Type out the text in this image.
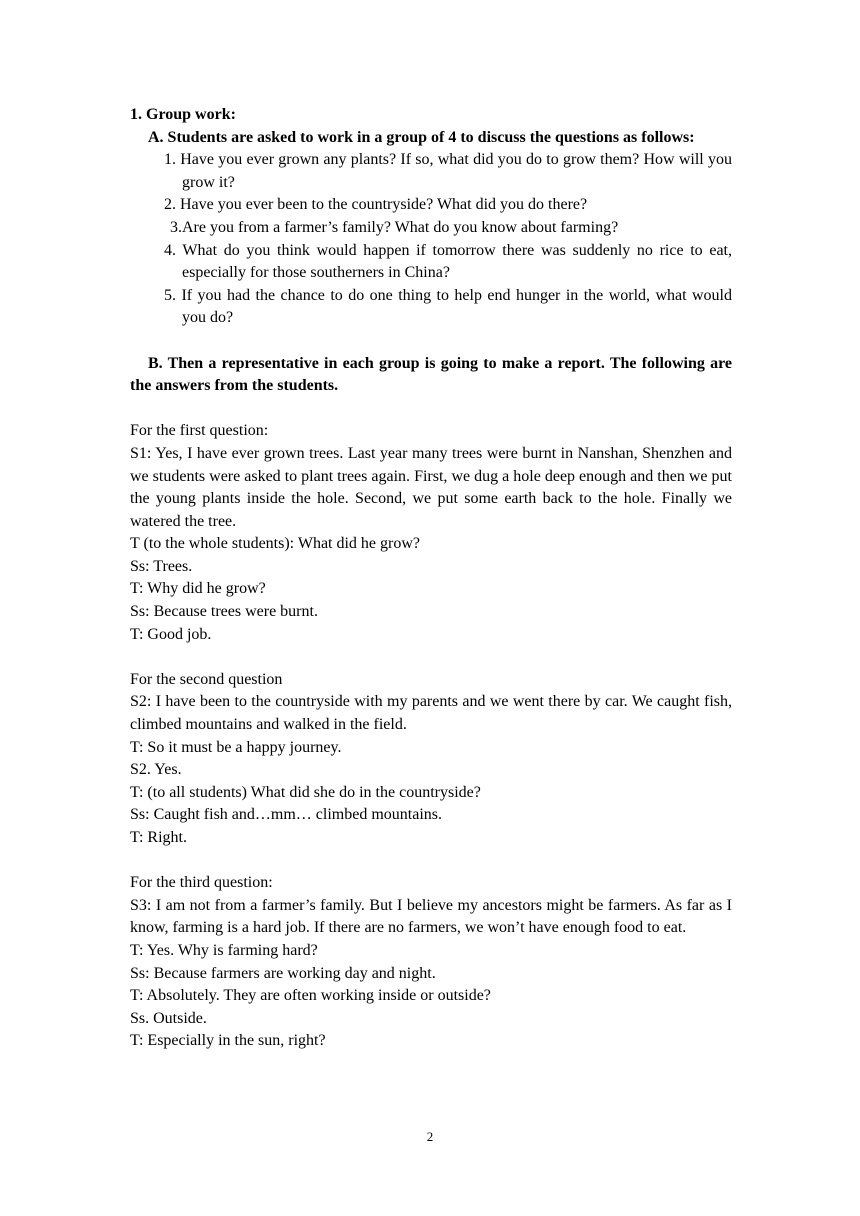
1. Group work:

A. Students are asked to work in a group of 4 to discuss the questions as follows:

1. Have you ever grown any plants? If so, what did you do to grow them? How will you grow it?
2. Have you ever been to the countryside? What did you do there?
3.Are you from a farmer’s family? What do you know about farming?
4. What do you think would happen if tomorrow there was suddenly no rice to eat, especially for those southerners in China?
5. If you had the chance to do one thing to help end hunger in the world, what would you do?

B. Then a representative in each group is going to make a report. The following are the answers from the students.

For the first question:

S1: Yes, I have ever grown trees. Last year many trees were burnt in Nanshan, Shenzhen and we students were asked to plant trees again. First, we dug a hole deep enough and then we put the young plants inside the hole. Second, we put some earth back to the hole. Finally we watered the tree.

T (to the whole students): What did he grow?

Ss: Trees.

T: Why did he grow?

Ss: Because trees were burnt.

T: Good job.

For the second question

S2: I have been to the countryside with my parents and we went there by car. We caught fish, climbed mountains and walked in the field.

T: So it must be a happy journey.

S2. Yes.

T: (to all students) What did she do in the countryside?

Ss: Caught fish and…mm… climbed mountains.

T: Right.

For the third question:

S3: I am not from a farmer’s family. But I believe my ancestors might be farmers. As far as I know, farming is a hard job. If there are no farmers, we won’t have enough food to eat.

T: Yes. Why is farming hard?

Ss: Because farmers are working day and night.

T: Absolutely. They are often working inside or outside?

Ss. Outside.

T: Especially in the sun, right?

2
